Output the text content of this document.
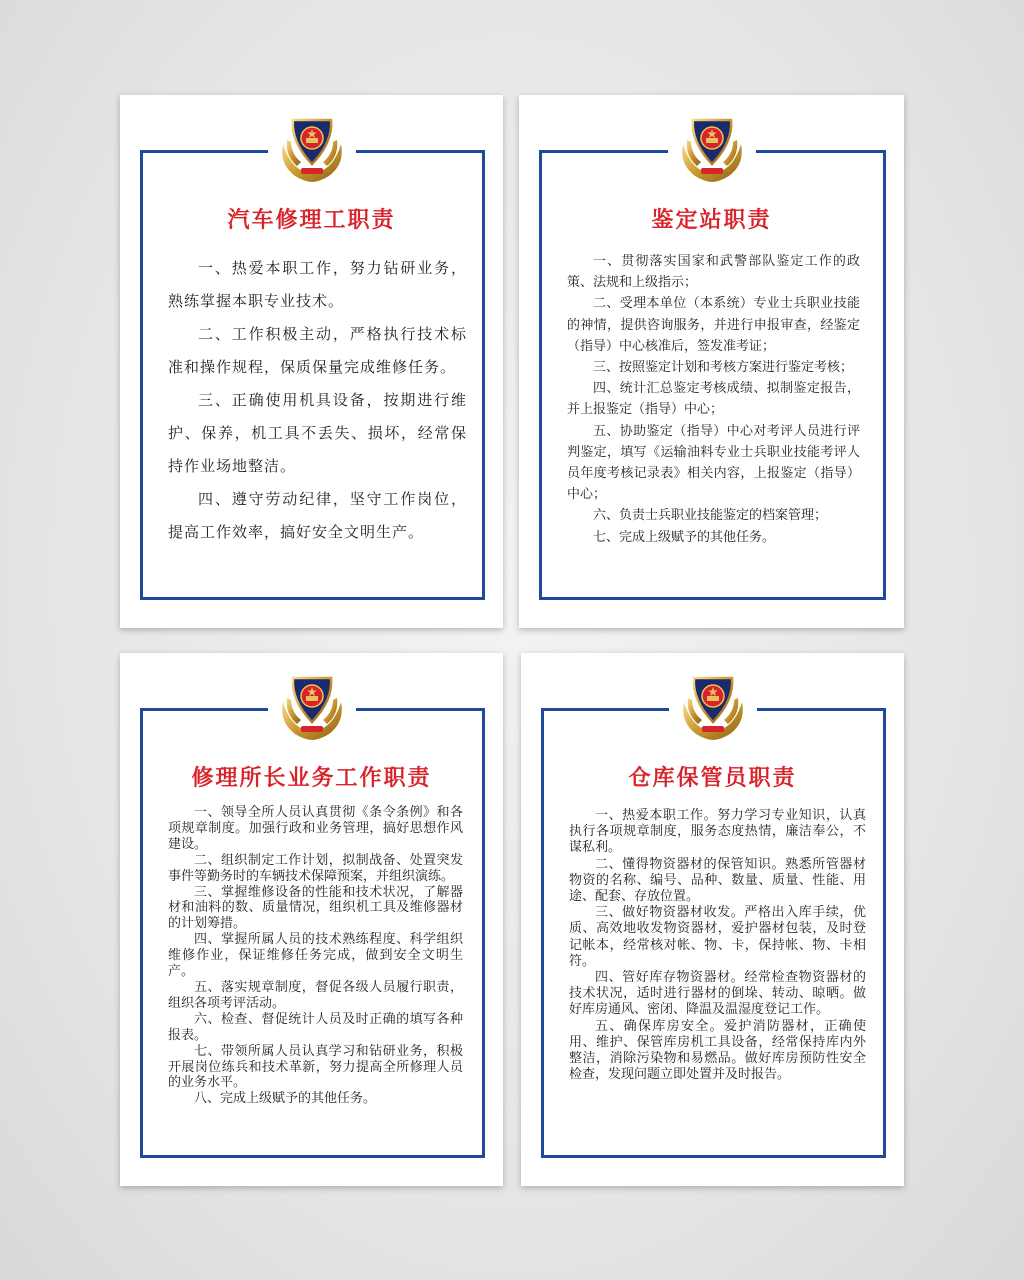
汽车修理工职责

一、热爱本职工作，努力钻研业务，熟练掌握本职专业技术。

二、工作积极主动，严格执行技术标准和操作规程，保质保量完成维修任务。

三、正确使用机具设备，按期进行维护、保养，机工具不丢失、损坏，经常保持作业场地整洁。

四、遵守劳动纪律，坚守工作岗位，提高工作效率，搞好安全文明生产。

鉴定站职责

一、贯彻落实国家和武警部队鉴定工作的政策、法规和上级指示；

二、受理本单位（本系统）专业士兵职业技能的神情，提供咨询服务，并进行申报审查，经鉴定（指导）中心核准后，签发准考证；

三、按照鉴定计划和考核方案进行鉴定考核；

四、统计汇总鉴定考核成绩、拟制鉴定报告，并上报鉴定（指导）中心；

五、协助鉴定（指导）中心对考评人员进行评判鉴定，填写《运输油料专业士兵职业技能考评人员年度考核记录表》相关内容，上报鉴定（指导）中心；

六、负责士兵职业技能鉴定的档案管理；

七、完成上级赋予的其他任务。

修理所长业务工作职责

一、领导全所人员认真贯彻《条令条例》和各项规章制度。加强行政和业务管理，搞好思想作风建设。

二、组织制定工作计划，拟制战备、处置突发事件等勤务时的车辆技术保障预案，并组织演练。

三、掌握维修设备的性能和技术状况，了解器材和油料的数、质量情况，组织机工具及维修器材的计划筹措。

四、掌握所属人员的技术熟练程度、科学组织维修作业，保证维修任务完成，做到安全文明生产。

五、落实规章制度，督促各级人员履行职责，组织各项考评活动。

六、检查、督促统计人员及时正确的填写各种报表。

七、带领所属人员认真学习和钻研业务，积极开展岗位练兵和技术革新，努力提高全所修理人员的业务水平。

八、完成上级赋予的其他任务。

仓库保管员职责

一、热爱本职工作。努力学习专业知识，认真执行各项规章制度，服务态度热情，廉洁奉公，不谋私利。

二、懂得物资器材的保管知识。熟悉所管器材物资的名称、编号、品种、数量、质量、性能、用途、配套、存放位置。

三、做好物资器材收发。严格出入库手续，优质、高效地收发物资器材，爱护器材包装，及时登记帐本，经常核对帐、物、卡，保持帐、物、卡相符。

四、管好库存物资器材。经常检查物资器材的技术状况，适时进行器材的倒垛、转动、晾晒。做好库房通风、密闭、降温及温湿度登记工作。

五、确保库房安全。爱护消防器材，正确使用、维护、保管库房机工具设备，经常保持库内外整洁，消除污染物和易燃品。做好库房预防性安全检查，发现问题立即处置并及时报告。
